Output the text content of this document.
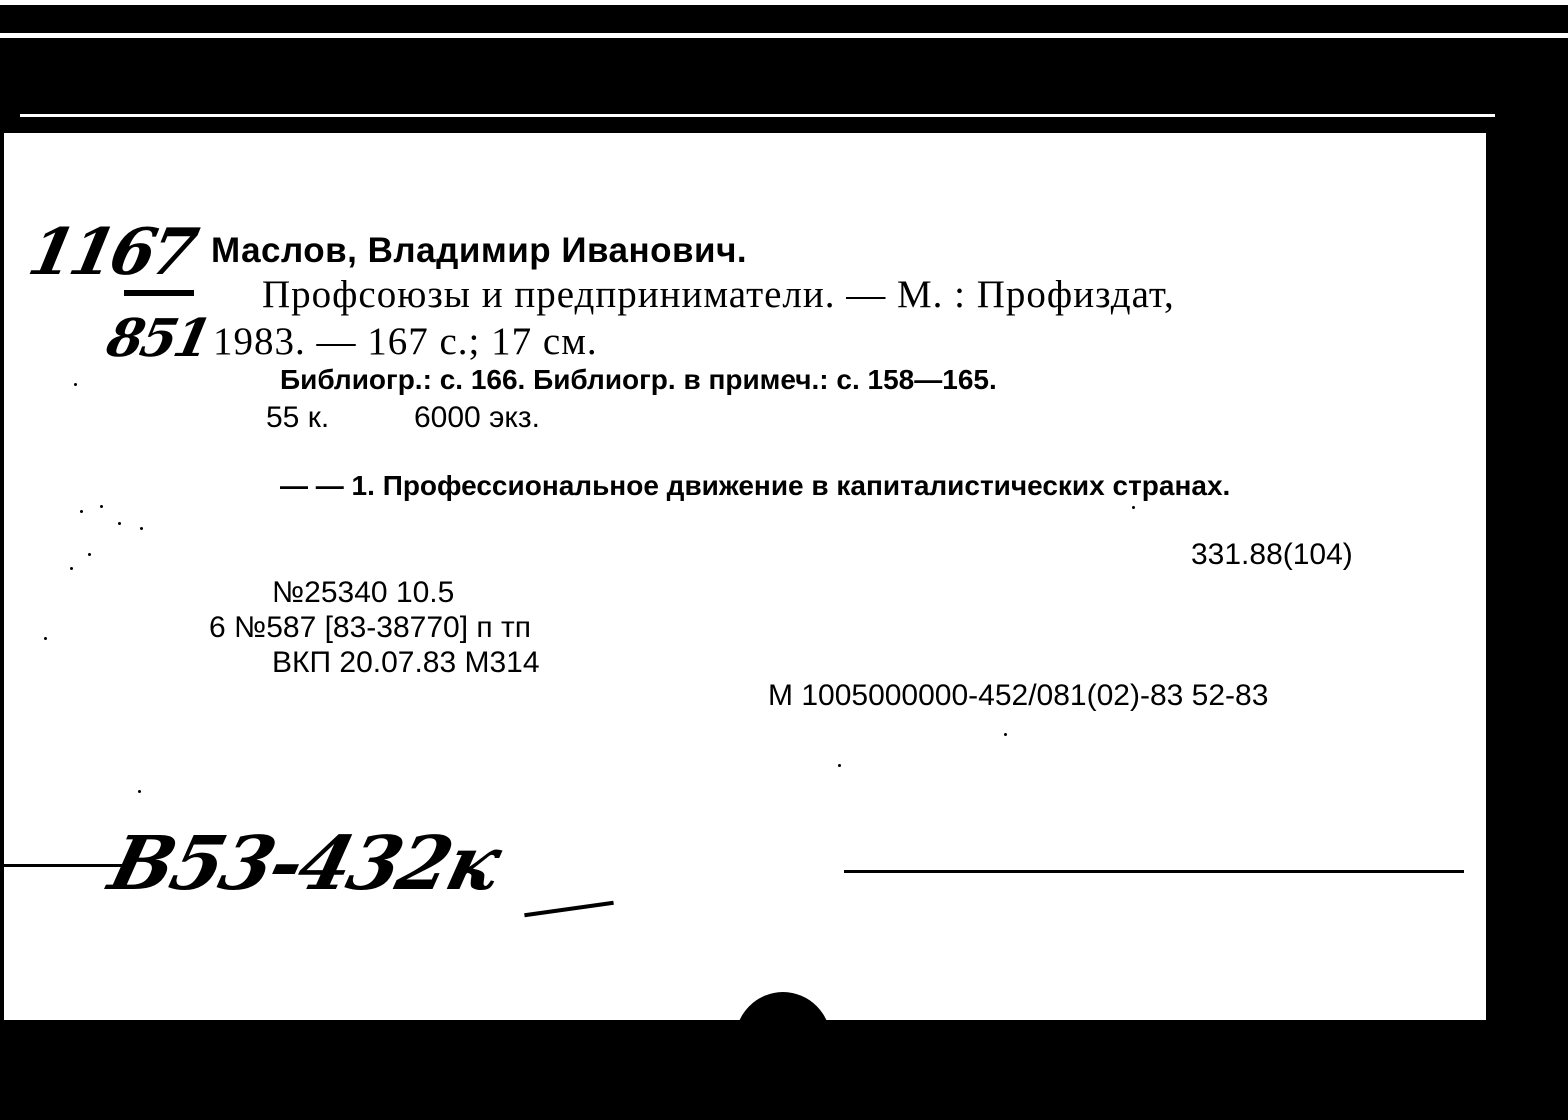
1167
851
Маслов, Владимир Иванович.
Профсоюзы и предприниматели. — М. : Профиздат,
1983. — 167 с.; 17 см.
Библиогр.: с. 166. Библиогр. в примеч.: с. 158—165.
55 к.	6000 экз.
— — 1. Профессиональное движение в капиталистических странах.
331.88(104)
№25340 10.5
6 №587 [83-38770] п тп
ВКП 20.07.83 М314
М 1005000000-452/081(02)-83 52-83
В53-432к
